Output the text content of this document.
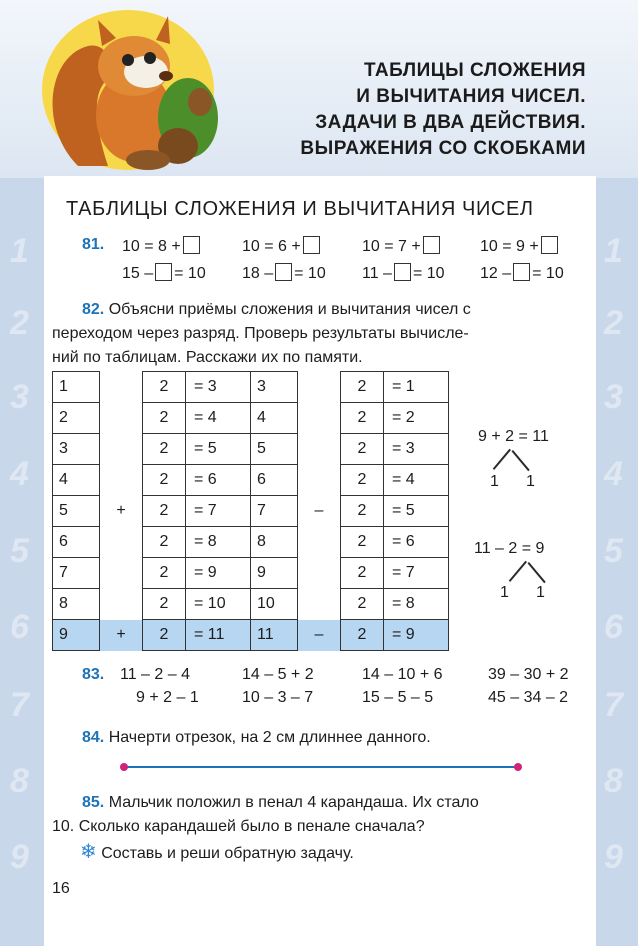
1
2
3
4
5
6
7
8
9
1
2
3
4
5
6
7
8
9
ТАБЛИЦЫ СЛОЖЕНИЯ
И ВЫЧИТАНИЯ ЧИСЕЛ.
ЗАДАЧИ В ДВА ДЕЙСТВИЯ.
ВЫРАЖЕНИЯ СО СКОБКАМИ
ТАБЛИЦЫ СЛОЖЕНИЯ И ВЫЧИТАНИЯ ЧИСЕЛ
81. 10 = 8 +	10 = 6 +	10 = 7 +	10 = 9 +
15 – = 10 18 – = 10 11 – = 10 12 – = 10
82. Объясни приёмы сложения и вычитания чисел с
переходом через разряд. Проверь результаты вычисле-
ний по таблицам. Расскажи их по памяти.
1		2	= 3	3		2	= 1
2		2	= 4	4		2	= 2
3		2	= 5	5		2	= 3
4		2	= 6	6		2	= 4
5	+	2	= 7	7	–	2	= 5
6		2	= 8	8		2	= 6
7		2	= 9	9		2	= 7
8		2	= 10	10		2	= 8
9	+	2	= 11	11	–	2	= 9
9 + 2 = 11
1 1
11 – 2 = 9
1 1
83. 11 – 2 – 4	14 – 5 + 2	14 – 10 + 6	39 – 30 + 2
9 + 2 – 1	10 – 3 – 7	15 – 5 – 5	45 – 34 – 2
84. Начерти отрезок, на 2 см длиннее данного.
85. Мальчик положил в пенал 4 карандаша. Их стало
10. Сколько карандашей было в пенале сначала?
❄ Составь и реши обратную задачу.
16
